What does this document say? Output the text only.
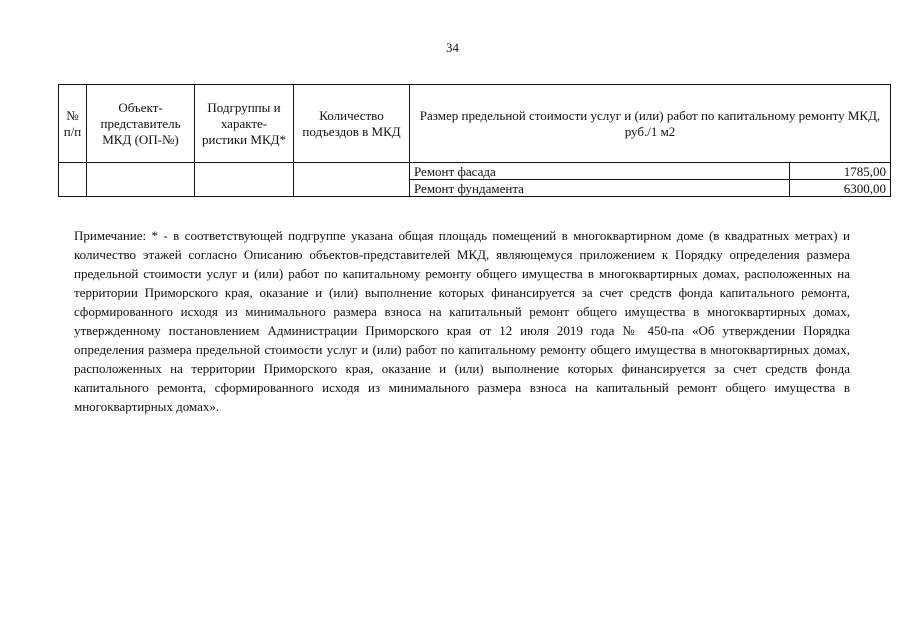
34
№ п/п	Объект-представитель МКД (ОП-№)	Подгруппы и характе-ристики МКД*	Количество подъездов в МКД	Размер предельной стоимости услуг и (или) работ по капитальному ремонту МКД, руб./1 м2	
				Ремонт фасада	1785,00
				Ремонт фундамента	6300,00

Примечание: * - в соответствующей подгруппе указана общая площадь помещений в многоквартирном доме (в квадратных метрах) и количество этажей согласно Описанию объектов-представителей МКД, являющемуся приложением к Порядку определения размера предельной стоимости услуг и (или) работ по капитальному ремонту общего имущества в многоквартирных домах, расположенных на территории Приморского края, оказание и (или) выполнение которых финансируется за счет средств фонда капитального ремонта, сформированного исходя из минимального размера взноса на капитальный ремонт общего имущества в многоквартирных домах, утвержденному постановлением Администрации Приморского края от 12 июля 2019 года № 450-па «Об утверждении Порядка определения размера предельной стоимости услуг и (или) работ по капитальному ремонту общего имущества в многоквартирных домах, расположенных на территории Приморского края, оказание и (или) выполнение которых финансируется за счет средств фонда капитального ремонта, сформированного исходя из минимального размера взноса на капитальный ремонт общего имущества в многоквартирных домах».
